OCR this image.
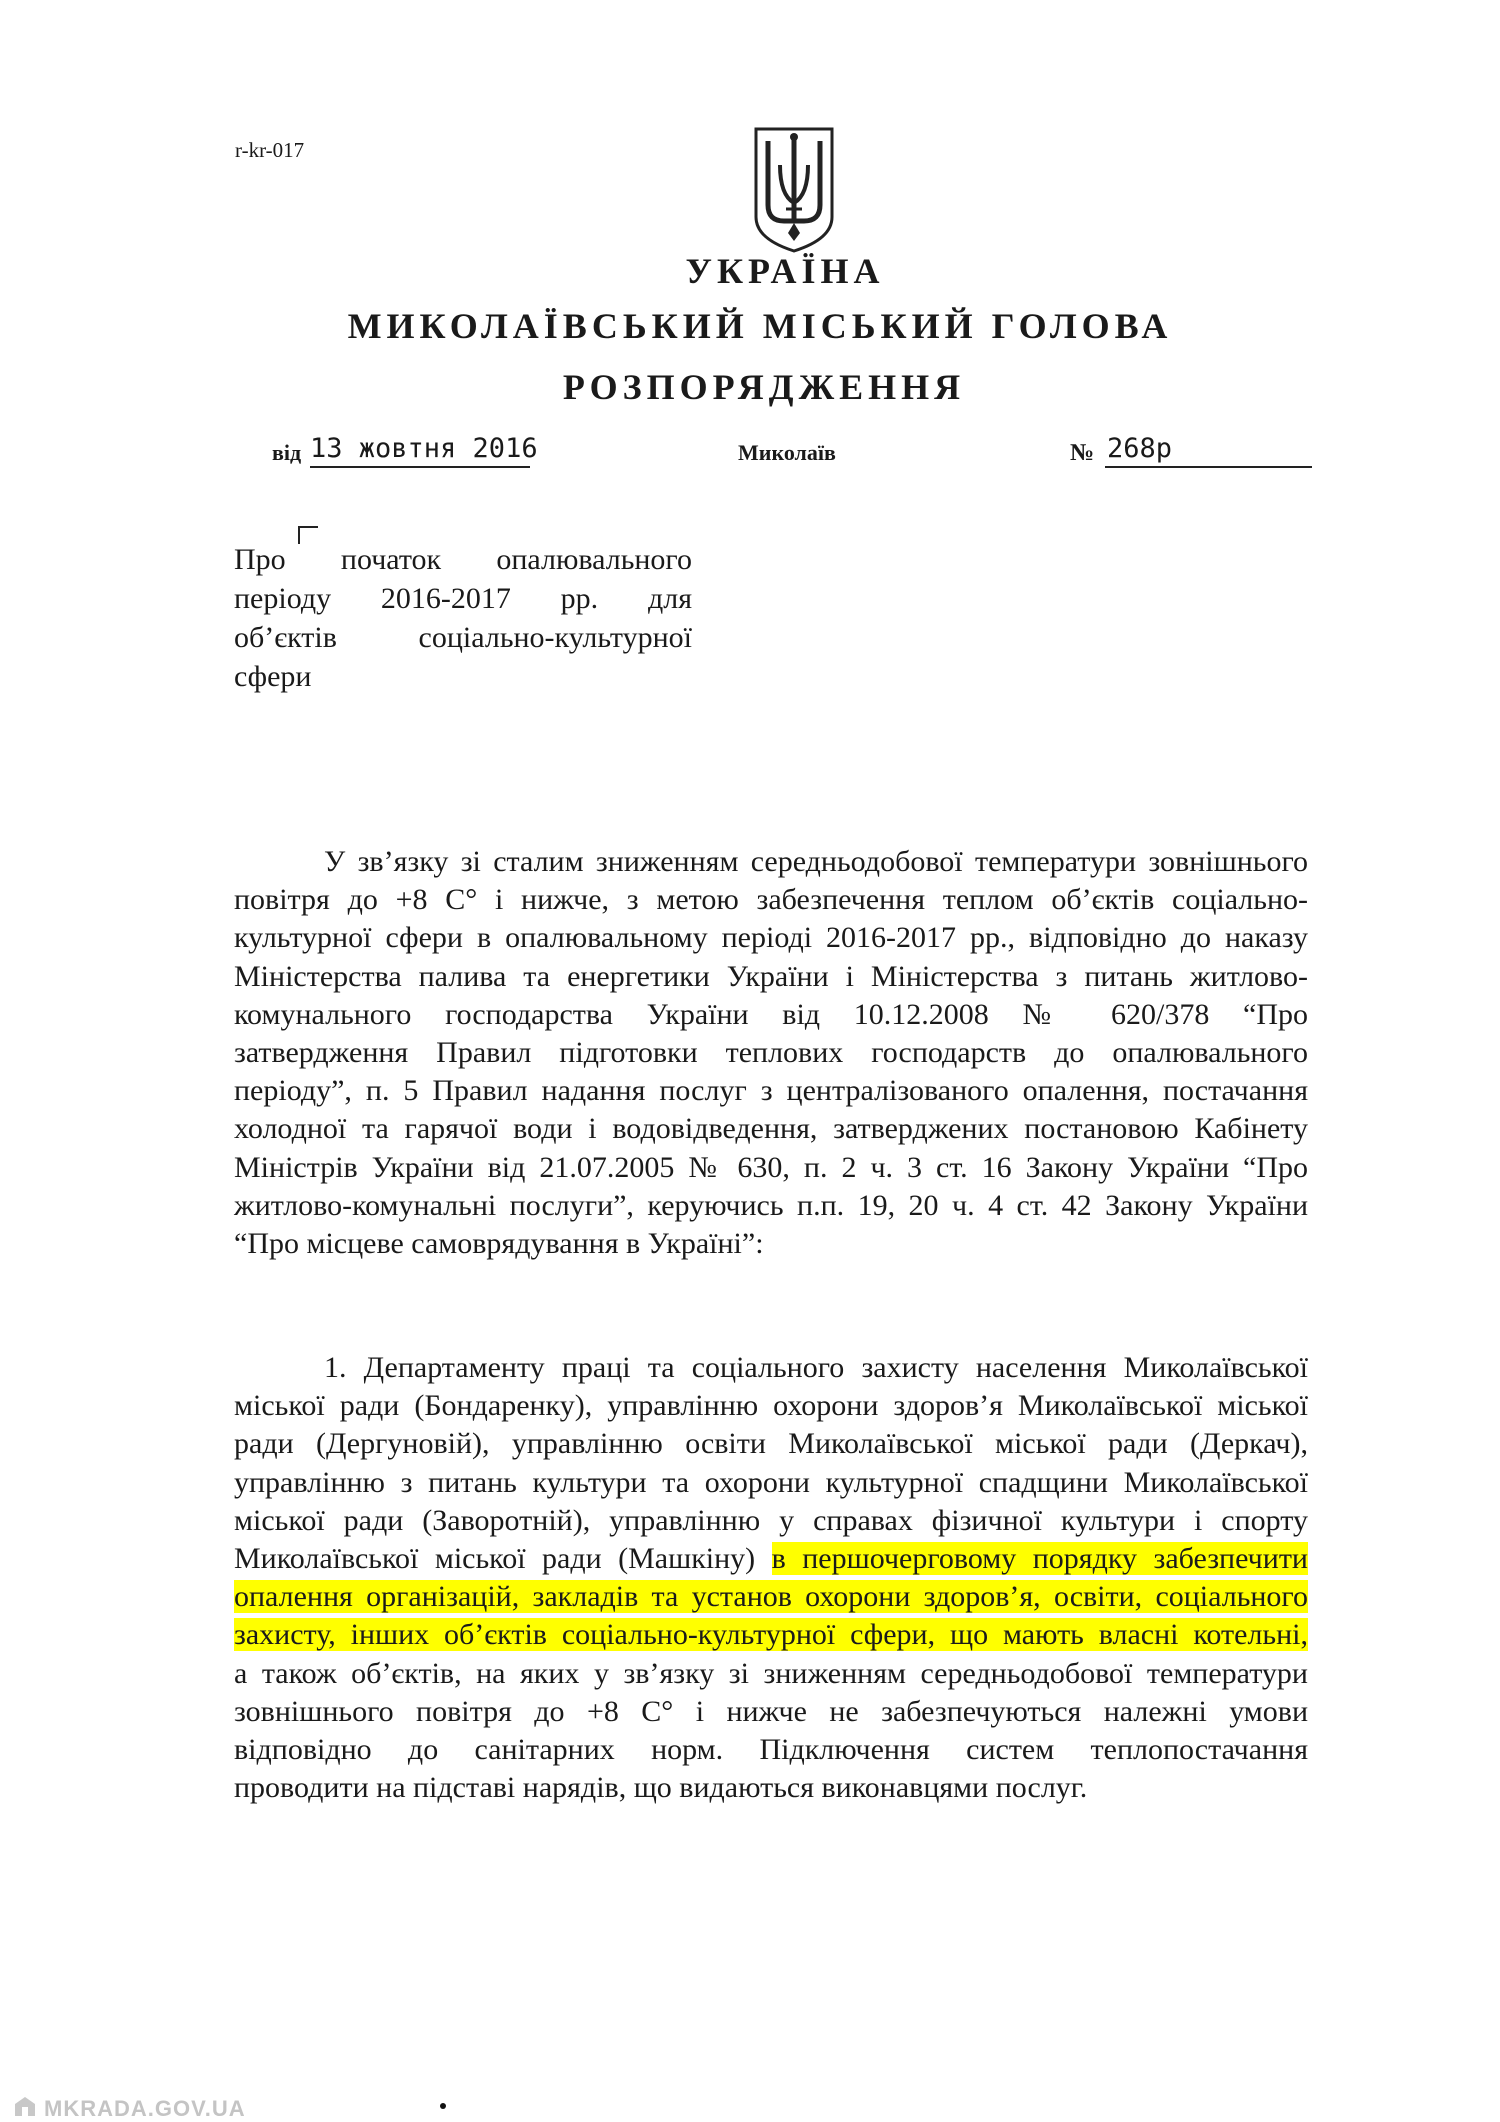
r-kr-017
УКРАЇНА
МИКОЛАЇВСЬКИЙ МІСЬКИЙ ГОЛОВА
РОЗПОРЯДЖЕННЯ
від 13 жовтня 2016	Миколаїв	№ 268р
Про початок опалювального
періоду 2016-2017 рр. для
об’єктів соціально-культурної
сфери
У зв’язку зі сталим зниженням середньодобової температури зовнішнього
повітря до +8 С° і нижче, з метою забезпечення теплом об’єктів соціально-
культурної сфери в опалювальному періоді 2016-2017 рр., відповідно до наказу
Міністерства палива та енергетики України і Міністерства з питань житлово-
комунального господарства України від 10.12.2008 № 620/378 “Про
затвердження Правил підготовки теплових господарств до опалювального
періоду”, п. 5 Правил надання послуг з централізованого опалення, постачання
холодної та гарячої води і водовідведення, затверджених постановою Кабінету
Міністрів України від 21.07.2005 № 630, п. 2 ч. 3 ст. 16 Закону України “Про
житлово-комунальні послуги”, керуючись п.п. 19, 20 ч. 4 ст. 42 Закону України
“Про місцеве самоврядування в Україні”:
1. Департаменту праці та соціального захисту населення Миколаївської
міської ради (Бондаренку), управлінню охорони здоров’я Миколаївської міської
ради (Дергуновій), управлінню освіти Миколаївської міської ради (Деркач),
управлінню з питань культури та охорони культурної спадщини Миколаївської
міської ради (Заворотній), управлінню у справах фізичної культури і спорту
Миколаївської міської ради (Машкіну) в першочерговому порядку забезпечити
опалення організацій, закладів та установ охорони здоров’я, освіти, соціального
захисту, інших об’єктів соціально-культурної сфери, що мають власні котельні,
а також об’єктів, на яких у зв’язку зі зниженням середньодобової температури
зовнішнього повітря до +8 С° і нижче не забезпечуються належні умови
відповідно до санітарних норм. Підключення систем теплопостачання
проводити на підставі нарядів, що видаються виконавцями послуг.
MKRADA.GOV.UA
